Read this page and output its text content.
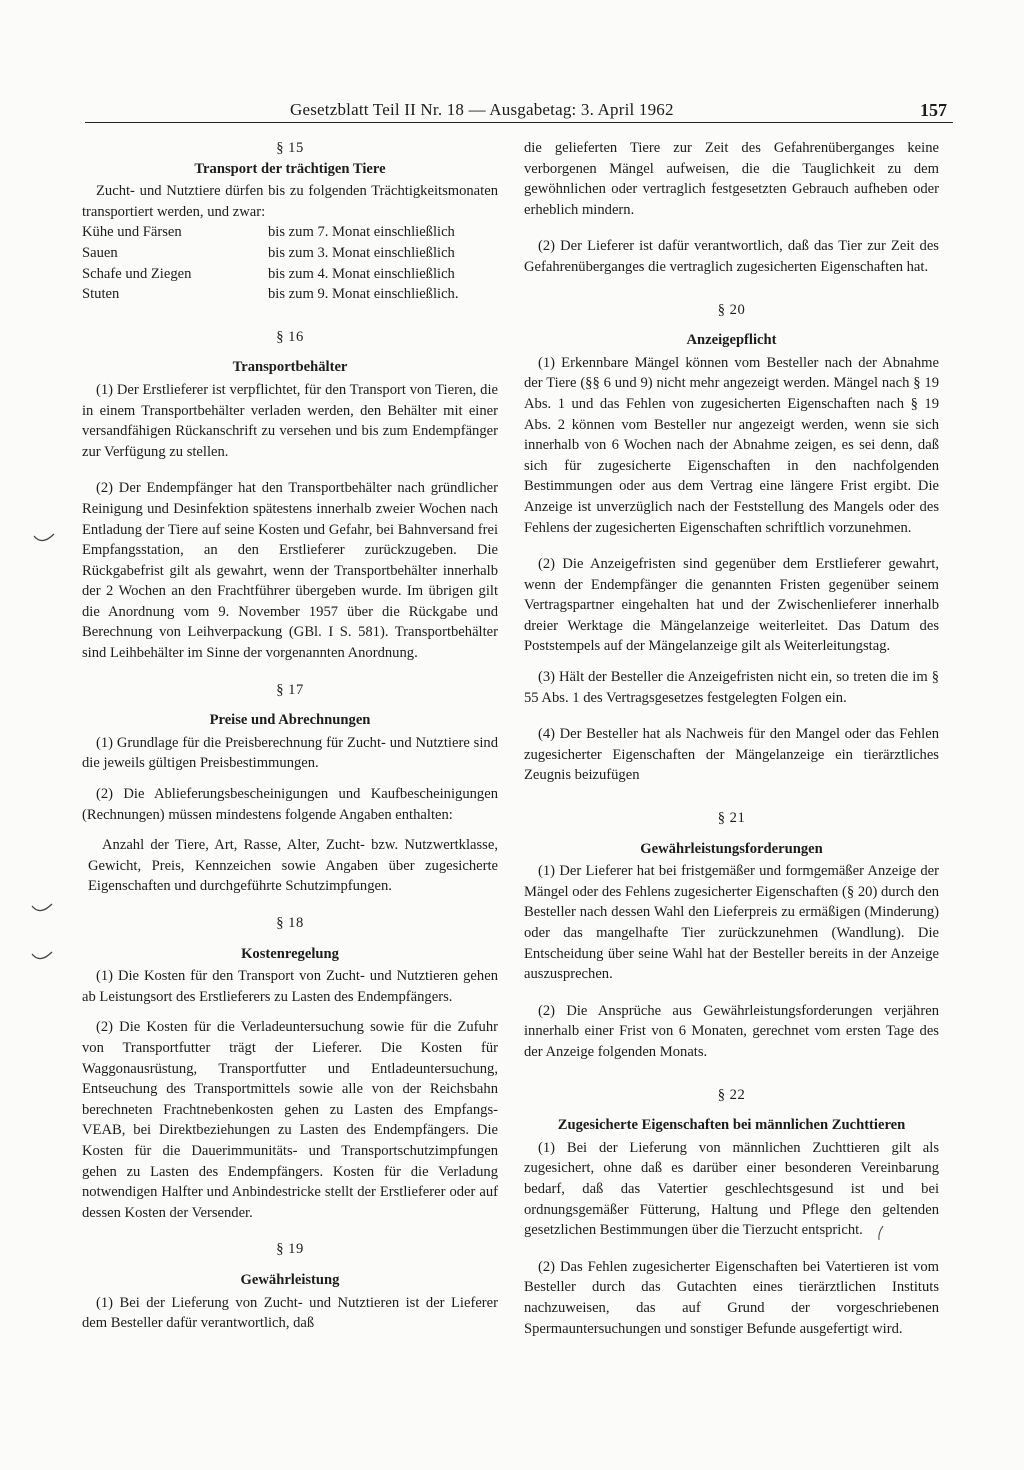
Gesetzblatt Teil II Nr. 18 — Ausgabetag: 3. April 1962	157

§ 15

Transport der trächtigen Tiere

Zucht- und Nutztiere dürfen bis zu folgenden Trächtigkeitsmonaten transportiert werden, und zwar:

Kühe und Färsen	bis zum 7. Monat einschließlich
Sauen	bis zum 3. Monat einschließlich
Schafe und Ziegen	bis zum 4. Monat einschließlich
Stuten	bis zum 9. Monat einschließlich.

§ 16

Transportbehälter

(1) Der Erstlieferer ist verpflichtet, für den Transport von Tieren, die in einem Transportbehälter verladen werden, den Behälter mit einer versandfähigen Rückanschrift zu versehen und bis zum Endempfänger zur Verfügung zu stellen.

(2) Der Endempfänger hat den Transportbehälter nach gründlicher Reinigung und Desinfektion spätestens innerhalb zweier Wochen nach Entladung der Tiere auf seine Kosten und Gefahr, bei Bahnversand frei Empfangsstation, an den Erstlieferer zurückzugeben. Die Rückgabefrist gilt als gewahrt, wenn der Transportbehälter innerhalb der 2 Wochen an den Frachtführer übergeben wurde. Im übrigen gilt die Anordnung vom 9. November 1957 über die Rückgabe und Berechnung von Leihverpackung (GBl. I S. 581). Transportbehälter sind Leihbehälter im Sinne der vorgenannten Anordnung.

§ 17

Preise und Abrechnungen

(1) Grundlage für die Preisberechnung für Zucht- und Nutztiere sind die jeweils gültigen Preisbestimmungen.

(2) Die Ablieferungsbescheinigungen und Kaufbescheinigungen (Rechnungen) müssen mindestens folgende Angaben enthalten:

Anzahl der Tiere, Art, Rasse, Alter, Zucht- bzw. Nutzwertklasse, Gewicht, Preis, Kennzeichen sowie Angaben über zugesicherte Eigenschaften und durchgeführte Schutzimpfungen.

§ 18

Kostenregelung

(1) Die Kosten für den Transport von Zucht- und Nutztieren gehen ab Leistungsort des Erstlieferers zu Lasten des Endempfängers.

(2) Die Kosten für die Verladeuntersuchung sowie für die Zufuhr von Transportfutter trägt der Lieferer. Die Kosten für Waggonausrüstung, Transportfutter und Entladeuntersuchung, Entseuchung des Transportmittels sowie alle von der Reichsbahn berechneten Frachtnebenkosten gehen zu Lasten des Empfangs-VEAB, bei Direktbeziehungen zu Lasten des Endempfängers. Die Kosten für die Dauerimmunitäts- und Transportschutzimpfungen gehen zu Lasten des Endempfängers. Kosten für die Verladung notwendigen Halfter und Anbindestricke stellt der Erstlieferer oder auf dessen Kosten der Versender.

§ 19

Gewährleistung

(1) Bei der Lieferung von Zucht- und Nutztieren ist der Lieferer dem Besteller dafür verantwortlich, daß

die gelieferten Tiere zur Zeit des Gefahrenüberganges keine verborgenen Mängel aufweisen, die die Tauglichkeit zu dem gewöhnlichen oder vertraglich festgesetzten Gebrauch aufheben oder erheblich mindern.

(2) Der Lieferer ist dafür verantwortlich, daß das Tier zur Zeit des Gefahrenüberganges die vertraglich zugesicherten Eigenschaften hat.

§ 20

Anzeigepflicht

(1) Erkennbare Mängel können vom Besteller nach der Abnahme der Tiere (§§ 6 und 9) nicht mehr angezeigt werden. Mängel nach § 19 Abs. 1 und das Fehlen von zugesicherten Eigenschaften nach § 19 Abs. 2 können vom Besteller nur angezeigt werden, wenn sie sich innerhalb von 6 Wochen nach der Abnahme zeigen, es sei denn, daß sich für zugesicherte Eigenschaften in den nachfolgenden Bestimmungen oder aus dem Vertrag eine längere Frist ergibt. Die Anzeige ist unverzüglich nach der Feststellung des Mangels oder des Fehlens der zugesicherten Eigenschaften schriftlich vorzunehmen.

(2) Die Anzeigefristen sind gegenüber dem Erstlieferer gewahrt, wenn der Endempfänger die genannten Fristen gegenüber seinem Vertragspartner eingehalten hat und der Zwischenlieferer innerhalb dreier Werktage die Mängelanzeige weiterleitet. Das Datum des Poststempels auf der Mängelanzeige gilt als Weiterleitungstag.

(3) Hält der Besteller die Anzeigefristen nicht ein, so treten die im § 55 Abs. 1 des Vertragsgesetzes festgelegten Folgen ein.

(4) Der Besteller hat als Nachweis für den Mangel oder das Fehlen zugesicherter Eigenschaften der Mängelanzeige ein tierärztliches Zeugnis beizufügen

§ 21

Gewährleistungsforderungen

(1) Der Lieferer hat bei fristgemäßer und formgemäßer Anzeige der Mängel oder des Fehlens zugesicherter Eigenschaften (§ 20) durch den Besteller nach dessen Wahl den Lieferpreis zu ermäßigen (Minderung) oder das mangelhafte Tier zurückzunehmen (Wandlung). Die Entscheidung über seine Wahl hat der Besteller bereits in der Anzeige auszusprechen.

(2) Die Ansprüche aus Gewährleistungsforderungen verjähren innerhalb einer Frist von 6 Monaten, gerechnet vom ersten Tage des der Anzeige folgenden Monats.

§ 22

Zugesicherte Eigenschaften bei männlichen Zuchttieren

(1) Bei der Lieferung von männlichen Zuchttieren gilt als zugesichert, ohne daß es darüber einer besonderen Vereinbarung bedarf, daß das Vatertier geschlechtsgesund ist und bei ordnungsgemäßer Fütterung, Haltung und Pflege den geltenden gesetzlichen Bestimmungen über die Tierzucht entspricht.

(2) Das Fehlen zugesicherter Eigenschaften bei Vatertieren ist vom Besteller durch das Gutachten eines tierärztlichen Instituts nachzuweisen, das auf Grund der vorgeschriebenen Spermauntersuchungen und sonstiger Befunde ausgefertigt wird.
